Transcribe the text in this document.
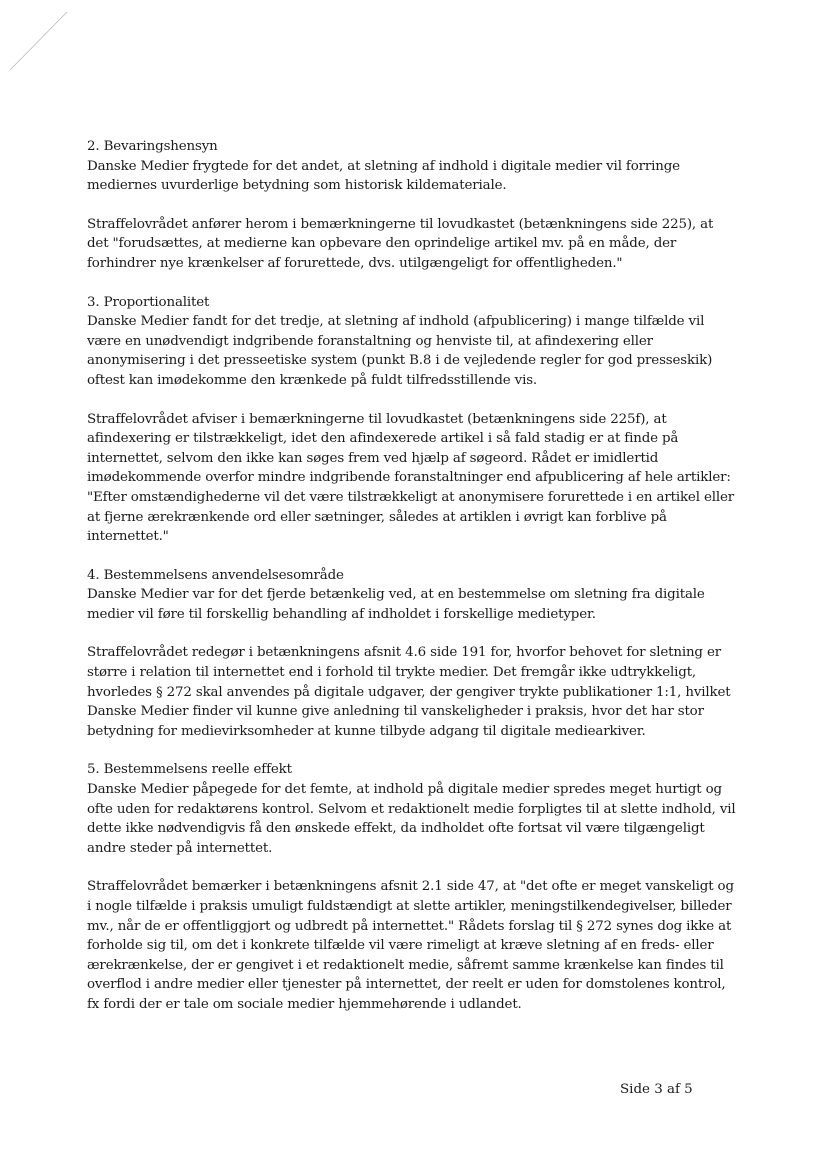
2. Bevaringshensyn

Danske Medier frygtede for det andet, at sletning af indhold i digitale medier vil forringe mediernes uvurderlige betydning som historisk kildemateriale.

Straffelovrådet anfører herom i bemærkningerne til lovudkastet (betænkningens side 225), at det "forudsættes, at medierne kan opbevare den oprindelige artikel mv. på en måde, der forhindrer nye krænkelser af forurettede, dvs. utilgængeligt for offentligheden."

3. Proportionalitet

Danske Medier fandt for det tredje, at sletning af indhold (afpublicering) i mange tilfælde vil være en unødvendigt indgribende foranstaltning og henviste til, at afindexering eller anonymisering i det presseetiske system (punkt B.8 i de vejledende regler for god presseskik) oftest kan imødekomme den krænkede på fuldt tilfredsstillende vis.

Straffelovrådet afviser i bemærkningerne til lovudkastet (betænkningens side 225f), at afindexering er tilstrækkeligt, idet den afindexerede artikel i så fald stadig er at finde på internettet, selvom den ikke kan søges frem ved hjælp af søgeord. Rådet er imidlertid imødekommende overfor mindre indgribende foranstaltninger end afpublicering af hele artikler: "Efter omstændighederne vil det være tilstrækkeligt at anonymisere forurettede i en artikel eller at fjerne ærekrænkende ord eller sætninger, således at artiklen i øvrigt kan forblive på internettet."

4. Bestemmelsens anvendelsesområde

Danske Medier var for det fjerde betænkelig ved, at en bestemmelse om sletning fra digitale medier vil føre til forskellig behandling af indholdet i forskellige medietyper.

Straffelovrådet redegør i betænkningens afsnit 4.6 side 191 for, hvorfor behovet for sletning er større i relation til internettet end i forhold til trykte medier. Det fremgår ikke udtrykkeligt, hvorledes § 272 skal anvendes på digitale udgaver, der gengiver trykte publikationer 1:1, hvilket Danske Medier finder vil kunne give anledning til vanskeligheder i praksis, hvor det har stor betydning for medievirksomheder at kunne tilbyde adgang til digitale mediearkiver.

5. Bestemmelsens reelle effekt

Danske Medier påpegede for det femte, at indhold på digitale medier spredes meget hurtigt og ofte uden for redaktørens kontrol. Selvom et redaktionelt medie forpligtes til at slette indhold, vil dette ikke nødvendigvis få den ønskede effekt, da indholdet ofte fortsat vil være tilgængeligt andre steder på internettet.

Straffelovrådet bemærker i betænkningens afsnit 2.1 side 47, at "det ofte er meget vanskeligt og i nogle tilfælde i praksis umuligt fuldstændigt at slette artikler, meningstilkendegivelser, billeder mv., når de er offentliggjort og udbredt på internettet." Rådets forslag til § 272 synes dog ikke at forholde sig til, om det i konkrete tilfælde vil være rimeligt at kræve sletning af en freds- eller ærekrænkelse, der er gengivet i et redaktionelt medie, såfremt samme krænkelse kan findes til overflod i andre medier eller tjenester på internettet, der reelt er uden for domstolenes kontrol, fx fordi der er tale om sociale medier hjemmehørende i udlandet.

Side 3 af 5
